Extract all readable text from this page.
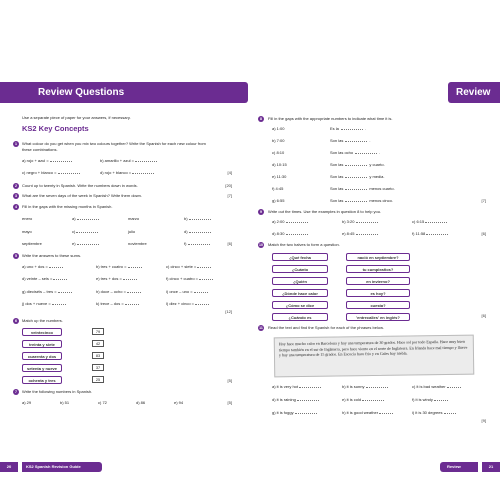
Review Questions
Use a separate piece of paper for your answers, if necessary.
KS2 Key Concepts
1	What colour do you get when you mix two colours together? Write the Spanish for each new colour from
these combinations.
a) rojo + azul =	b) amarillo + azul =
c) negro + blanco =	d) rojo + blanco =	[4]
2	Count up to twenty in Spanish. Write the numbers down in words.	[20]
3	What are the seven days of the week in Spanish? Write them down.	[7]
4	Fill in the gaps with the missing months in Spanish.
enero	a)	marzo	b)
mayo	c)	julio	d)
septiembre	e)	noviembre	f)	[6]
5	Write the answers to these sums.
a) uno + dos =	b) tres + cuatro =	c) cinco + siete =
d) veinte – seis =	e) tres + dos =	f) cinco + cuatro =
g) dieciséis – tres =	h) doce – ocho =	i) once – uno =
j) dos + nueve =	k) trece – dos =	l) diez + cinco =
[12]
6	Match up the numbers.
veintecinco
treinta y siete
cuarenta y dos
setenta y nueve
ochenta y tres
79
42
83
37
25	[5]
7	Write the following numbers in Spanish.
a) 29	b) 51	c) 72	d) 86	e) 94	[5]
20	KS2 Spanish Revision Guide
Review
8	Fill in the gaps with the appropriate numbers to indicate what time it is.
a) 1:00	Es la	.
b) 7:00	Son las	.
c) 8:10	Son las ocho	.
d) 10:15	Son las	y cuarto.
e) 11:30	Son las	y media.
f) 4:45	Son las	menos cuarto.
g) 6:55	Son las	menos cinco.	[7]
9	Write out the times. Use the examples in question 8 to help you.
a) 2:00	b) 3:20	c) 6:15
d) 8:30	e) 8:45	f) 11:58	[6]
10 Match the two halves to form a question.
¿Qué fecha
¿Cuánto
¿Quién
¿Dónde hace calor
¿Cómo se dice
¿Cuándo es
nació en septiembre?
tu cumpleaños?
en invierno?
es hoy?
cuesta?
'entrecalles' en inglés?	[6]
11 Read the text and find the Spanish for each of the phrases below.
Hoy hace mucho calor en Barcelona y hay una temperatura de 30 grados. Hace sol por todo España. Hace muy buen tiempo también en el sur de Inglaterra, pero hace viento en el norte de Inglaterra. En Irlanda hace mal tiempo y llueve y hay una temperatura de 15 grados. En Escocia hace frío y en Gales hay niebla.
a) it is very hot	b) it is sunny	c) it is bad weather
d) it is raining	e) it is cold	f) it is windy
g) it is foggy	h) it is good weather	i) it is 30 degrees
[9]
Review	21
